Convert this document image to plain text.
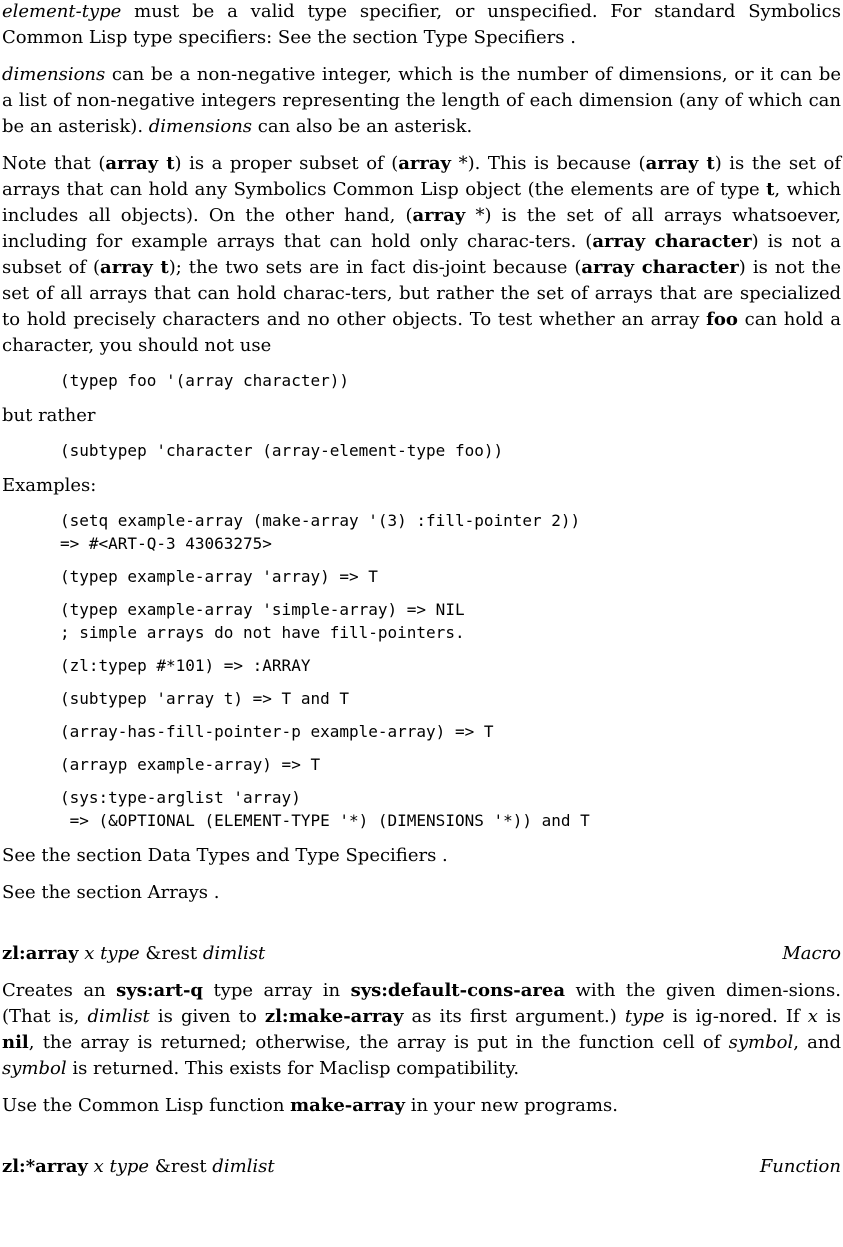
element-type must be a valid type specifier, or unspecified. For standard Symbolics Common Lisp type specifiers: See the section Type Specifiers .

dimensions can be a non-negative integer, which is the number of dimensions, or it can be a list of non-negative integers representing the length of each dimension (any of which can be an asterisk). dimensions can also be an asterisk.

Note that (array t) is a proper subset of (array *). This is because (array t) is the set of arrays that can hold any Symbolics Common Lisp object (the elements are of type t, which includes all objects). On the other hand, (array *) is the set of all arrays whatsoever, including for example arrays that can hold only charac-ters. (array character) is not a subset of (array t); the two sets are in fact dis-joint because (array character) is not the set of all arrays that can hold charac-ters, but rather the set of arrays that are specialized to hold precisely characters and no other objects. To test whether an array foo can hold a character, you should not use

(typep foo '(array character))

but rather

(subtypep 'character (array-element-type foo))

Examples:

(setq example-array (make-array '(3) :fill-pointer 2))
=> #<ART-Q-3 43063275>
(typep example-array 'array) => T
(typep example-array 'simple-array) => NIL
; simple arrays do not have fill-pointers.
(zl:typep #*101) => :ARRAY
(subtypep 'array t) => T and T
(array-has-fill-pointer-p example-array) => T
(arrayp example-array) => T
(sys:type-arglist 'array)
=> (&OPTIONAL (ELEMENT-TYPE '*) (DIMENSIONS '*)) and T

See the section Data Types and Type Specifiers .

See the section Arrays .

zl:array x type &rest dimlist	Macro

Creates an sys:art-q type array in sys:default-cons-area with the given dimen-sions. (That is, dimlist is given to zl:make-array as its first argument.) type is ig-nored. If x is nil, the array is returned; otherwise, the array is put in the function cell of symbol, and symbol is returned. This exists for Maclisp compatibility.

Use the Common Lisp function make-array in your new programs.

zl:*array x type &rest dimlist	Function
